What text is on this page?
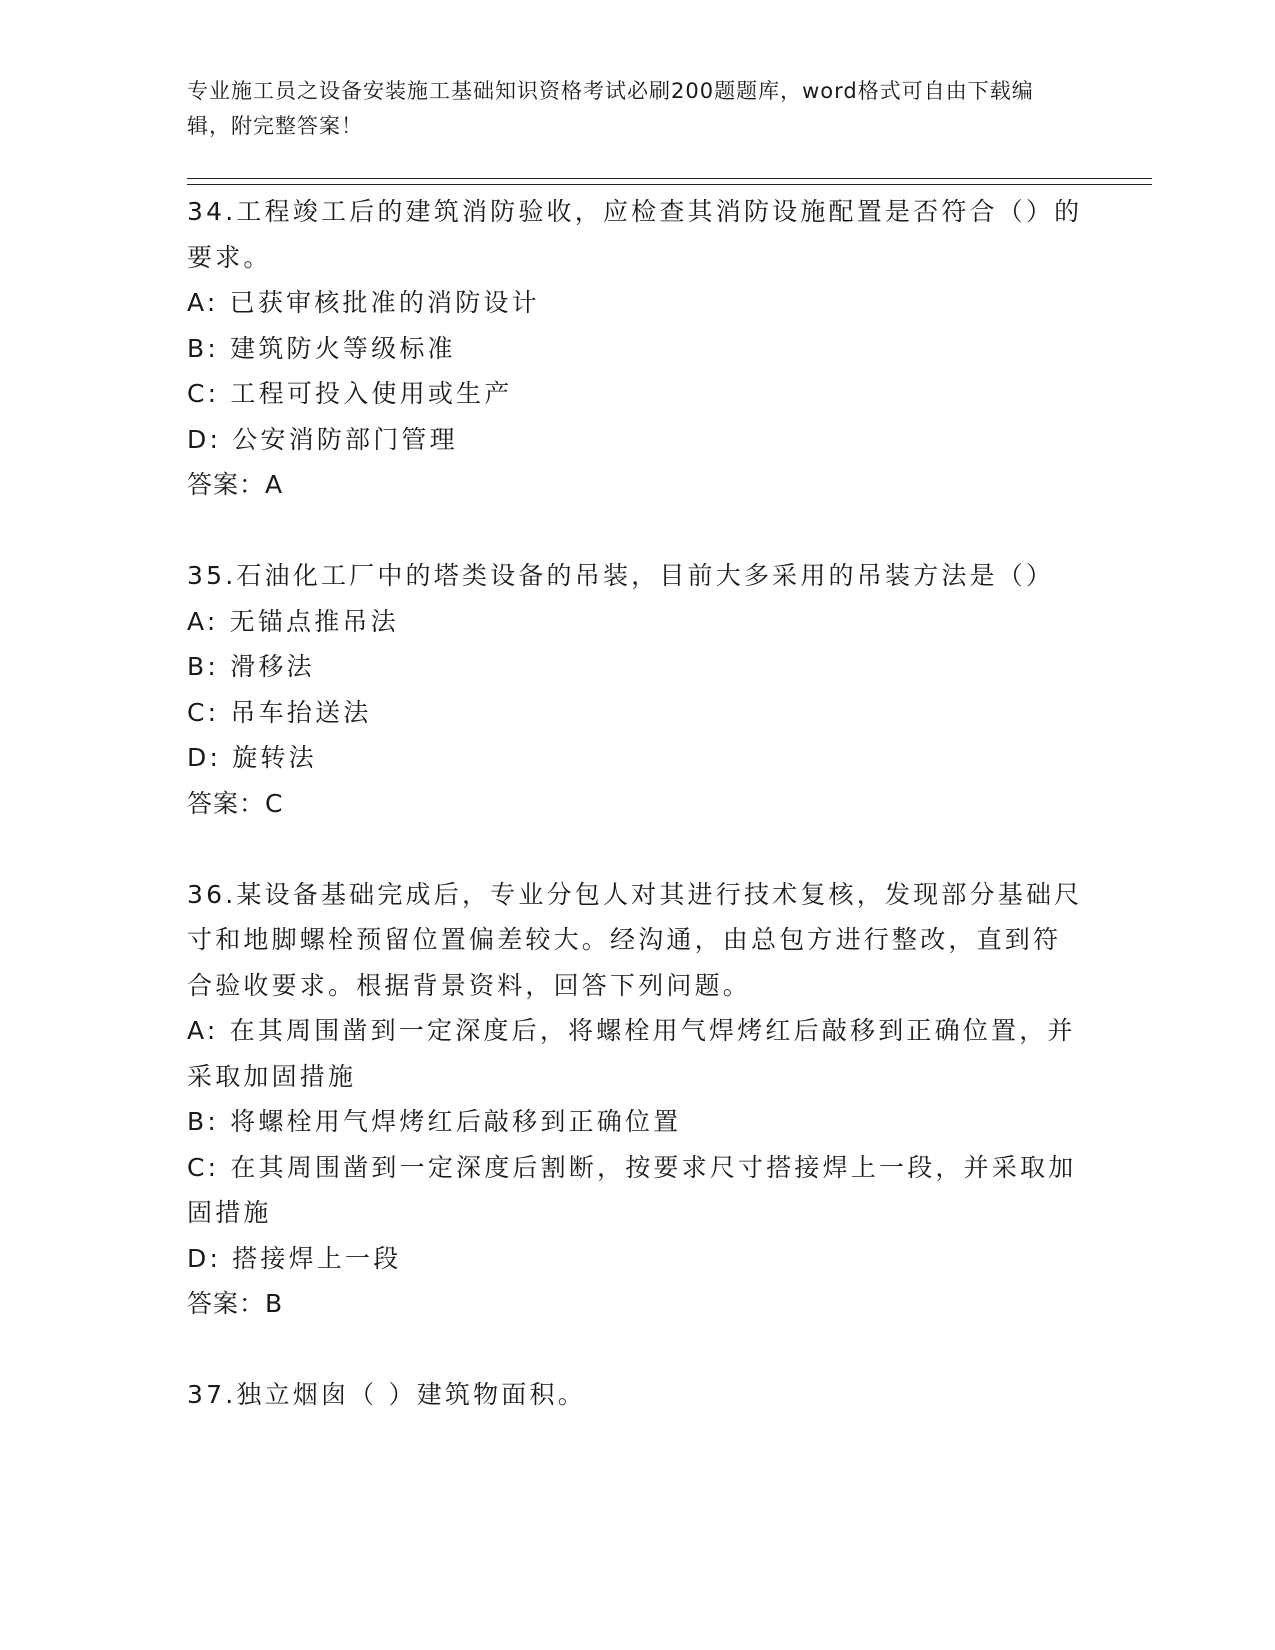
专业施工员之设备安装施工基础知识资格考试必刷200题题库，word格式可自由下载编辑，附完整答案！

34.工程竣工后的建筑消防验收，应检查其消防设施配置是否符合（）的要求。

A: 已获审核批准的消防设计

B: 建筑防火等级标准

C: 工程可投入使用或生产

D: 公安消防部门管理

答案：A

35.石油化工厂中的塔类设备的吊装，目前大多采用的吊装方法是（）

A: 无锚点推吊法

B: 滑移法

C: 吊车抬送法

D: 旋转法

答案：C

36.某设备基础完成后，专业分包人对其进行技术复核，发现部分基础尺寸和地脚螺栓预留位置偏差较大。经沟通，由总包方进行整改，直到符合验收要求。根据背景资料，回答下列问题。

A: 在其周围凿到一定深度后，将螺栓用气焊烤红后敲移到正确位置，并采取加固措施

B: 将螺栓用气焊烤红后敲移到正确位置

C: 在其周围凿到一定深度后割断，按要求尺寸搭接焊上一段，并采取加固措施

D: 搭接焊上一段

答案：B

37.独立烟囱（ ）建筑物面积。
